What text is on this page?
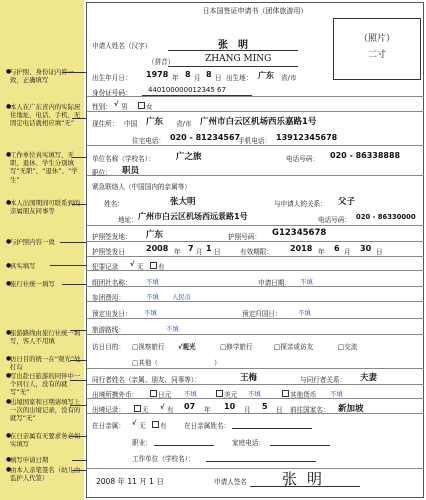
●
与护照、身份证内容一致，正确填写
●
本人在广东省内的实际居住地址、电话、手机、无固定电话就相应填“无”
●
工作单位真实填写，无职，退休、学生分别填写“无职”、“退休”、“学生”
●
本人出国期间可联系到的亲属朋友同事等
●
与护照内容一致
●
真实填写
●
旅行社统一填写
●
旅游路线由旅行社统一填写，客人不用填
●
访日目的统一在“观光”处打勾
●
写出赴日旅游的同伴中一个同行人，没有的就写“无”
●
出境国家和日期请填写上一次的出境记录，没有的就写“无”
●
在日亲属有无要求务必如实填写
●
填写申请日期
●
由本人亲笔签名（幼儿由监护人代签）
日本国签证申请书（团体旅游用）
（照片）
二寸
申请人姓名（汉字）	张　明
（拼音）	ZHANG MING
出生年月日： 1978 年 8 月 8 日 出生地： 广东 省/市
身份证号码： 440100000012345 67
性别： √ 男	女
现住所： 中国 广东 省/市 广州市白云区机场西乐嘉路1号
住宅电话： 020 - 81234567
手机电话： 13912345678
单位名称（学校名）：	广之旅	电话号码： 020 - 86338888
职位： 职员
紧急联络人（中国国内的亲属等）
姓名：	张大明	与申请人的关系： 父子
地址： 广州市白云区机场西远景路1号	电话号码： 020 - 86330000
护照签发地： 广东	护照号码： G12345678
护照签发日	2008 年 7 月 1 日	有效期限： 2018 年 6 月 30 日
犯罪记录 √ 无 有
组团社名称： 不填	申请日期： 不填
参团费用：	不填 人民币
预定出发日： 不填	预定归国日：	不填
旅游路线：	不填
访日目的： □视察旅行 √观光	□修学旅行	□探亲或访友	□交流
□其他（	）
同行者姓名（亲属、朋友、同事等）：	王梅	与同行者关系： 夫妻
出境所携外币：	日元 不填	美元 不填	其他货币 不填
出境记录：	无 √ 有 07 年 10 月 5 日 前往国家名： 新加坡
在日亲属： √ 无 有	在日亲属姓名：
职业：	家庭电话：
工作单位（学校名）：
2008 年 11 月 1 日	申请人签名 张明
